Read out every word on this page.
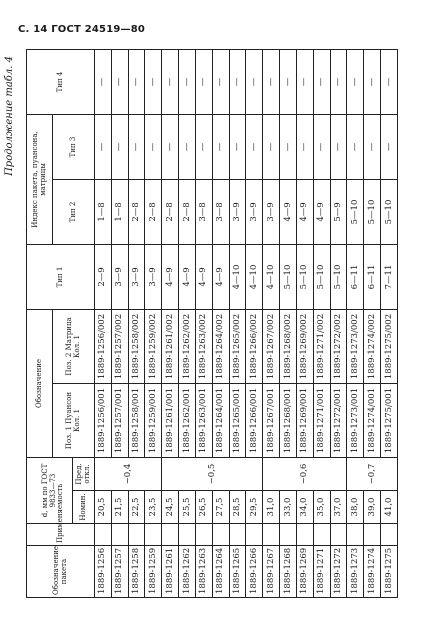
С. 14 ГОСТ 24519—80
Продолжение табл. 4
Обозначение пакета	Применяемость	d, мм по ГОСТ 9833—73		Обозначение		Тип 1	Индекс пакета, пуансона, матрицы		Тип 4
				Поз. 1 Пуансон Кол. 1	Поз. 2 Матрица Кол. 1		Тип 2	Тип 3	
		Номин.	Пред. откл.						
1889-1256		20,5	−0,4	1889-1256/001	1889-1256/002	2—9	1—8	—	—
1889-1257		21,5		1889-1257/001	1889-1257/002	3—9	1—8	—	—
1889-1258		22,5		1889-1258/001	1889-1258/002	3—9	2—8	—	—
1889-1259		23,5		1889-1259/001	1889-1259/002	3—9	2—8	—	—
1889-1261		24,5	−0,5	1889-1261/001	1889-1261/002	4—9	2—8	—	—
1889-1262		25,5		1889-1262/001	1889-1262/002	4—9	2—8	—	—
1889-1263		26,5		1889-1263/001	1889-1263/002	4—9	3—8	—	—
1889-1264		27,5		1889-1264/001	1889-1264/002	4—9	3—8	—	—
1889-1265		28,5		1889-1265/001	1889-1265/002	4—10	3—9	—	—
1889-1266		29,5		1889-1266/001	1889-1266/002	4—10	3—9	—	—
1889-1267		31,0	−0,6	1889-1267/001	1889-1267/002	4—10	3—9	—	—
1889-1268		33,0		1889-1268/001	1889-1268/002	5—10	4—9	—	—
1889-1269		34,0		1889-1269/001	1889-1269/002	5—10	4—9	—	—
1889-1271		35,0		1889-1271/001	1889-1271/002	5—10	4—9	—	—
1889-1272		37,0		1889-1272/001	1889-1272/002	5—10	5—9	—	—
1889-1273		38,0	−0,7	1889-1273/001	1889-1273/002	6—11	5—10	—	—
1889-1274		39,0		1889-1274/001	1889-1274/002	6—11	5—10	—	—
1889-1275		41,0		1889-1275/001	1889-1275/002	7—11	5—10	—	—
